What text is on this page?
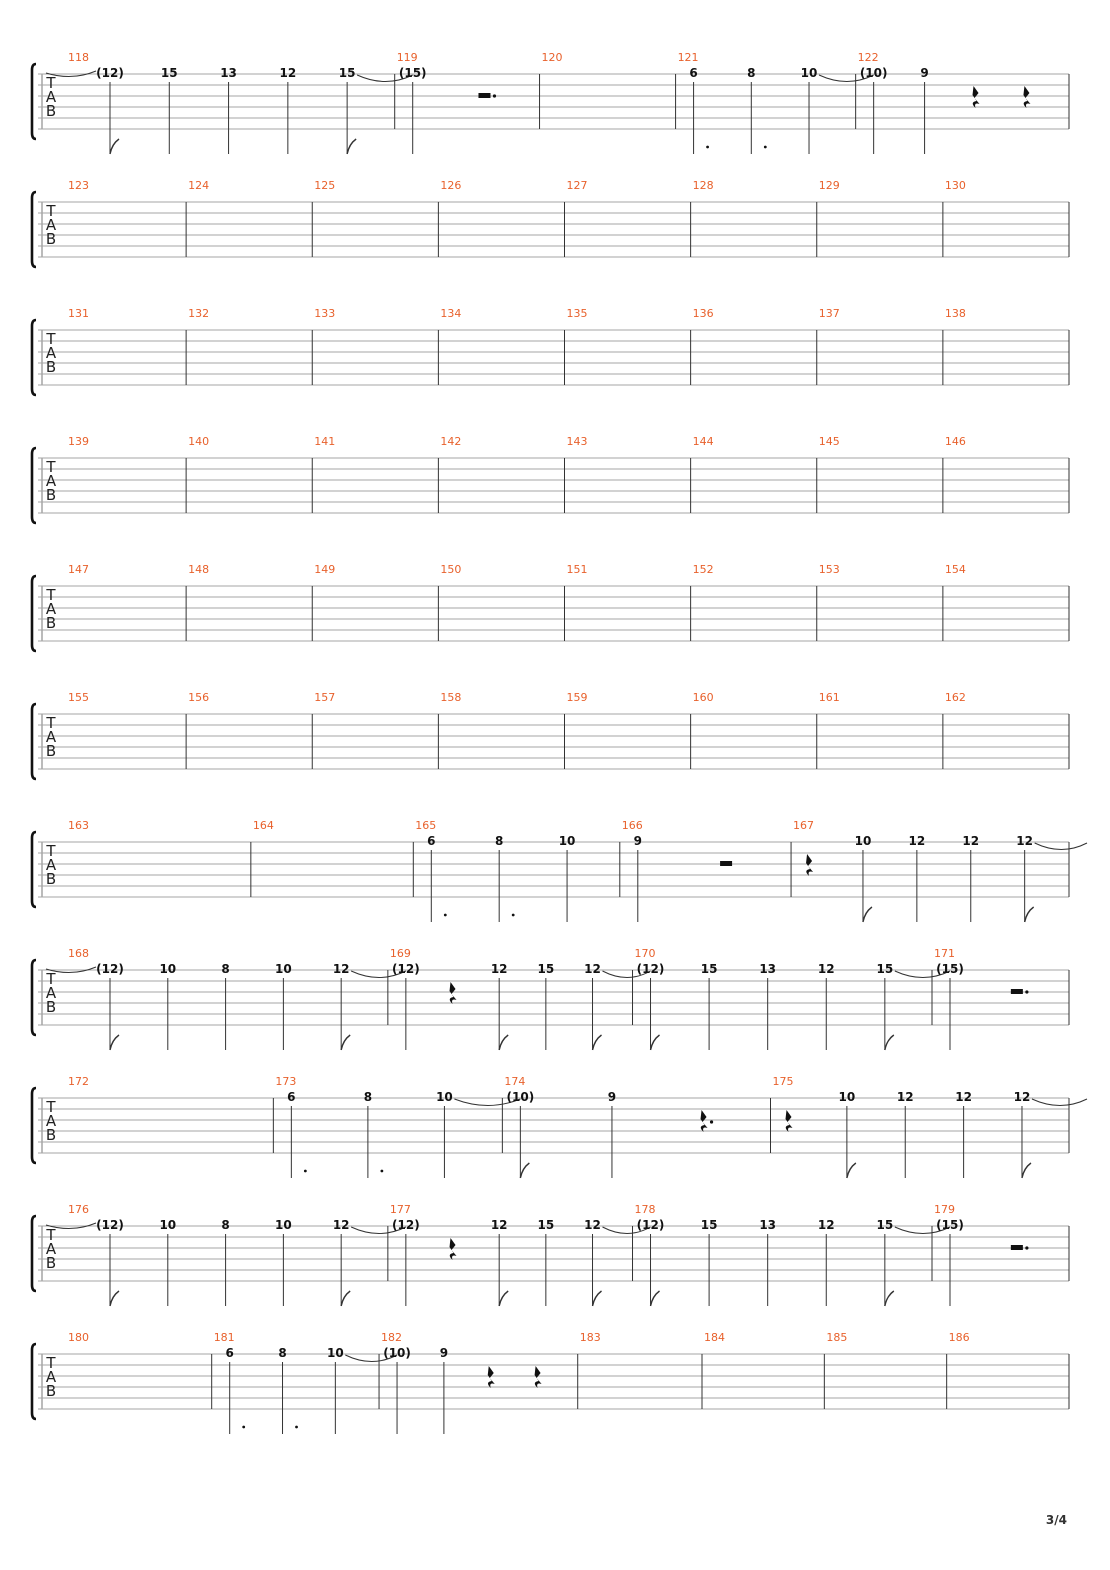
T
A
B
118
(12)	15	13	12	15
119
(15)
120	121
6	8	10
122
(10)	9
T
A
B
123	124	125	126	127	128	129	130
T
A
B
131	132	133	134	135	136	137	138
T
A
B
139	140	141	142	143	144	145	146
T
A
B
147	148	149	150	151	152	153	154
T
A
B
155	156	157	158	159	160	161	162
T
A
B
163	164	165
6	8	10
166
9
167
10	12	12	12
T
A
B
168
(12)	10	8	10	12
169
(12)	12 15 12
170
(12)	15	13	12	15
171
(15)
T
A
B
172	173
6	8	10
174
(10)	9
175
10	12	12	12
T
A
B
176
(12)	10	8	10	12
177
(12)	12 15 12
178
(12)	15	13	12	15
179
(15)
T
A
B
180	181
6	8	10
182
(10) 9
183	184	185	186
3/4
